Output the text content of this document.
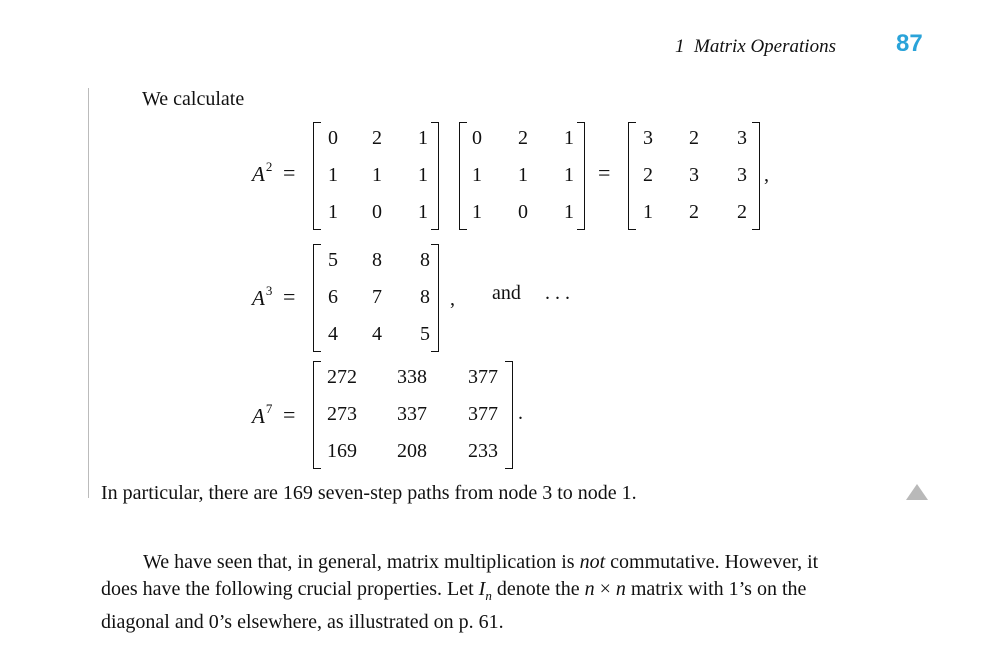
1  Matrix Operations	87
We calculate
$A^2$ =
0	2	1
1	1	1
1	0	1
0	2	1
1	1	1
1	0	1
=
3	2	3
2	3	3
1	2	2
,
$A^3$ =
5	8	8
6	7	8
4	4	5
, and . . .
$A^7$ =
272	338	377
273	337	377
169	208	233
.
In particular, there are 169 seven-step paths from node 3 to node 1.
We have seen that, in general, matrix multiplication is not commutative. However, it
does have the following crucial properties. Let $I_n$ denote the n × n matrix with 1’s on the
diagonal and 0’s elsewhere, as illustrated on p. 61.
